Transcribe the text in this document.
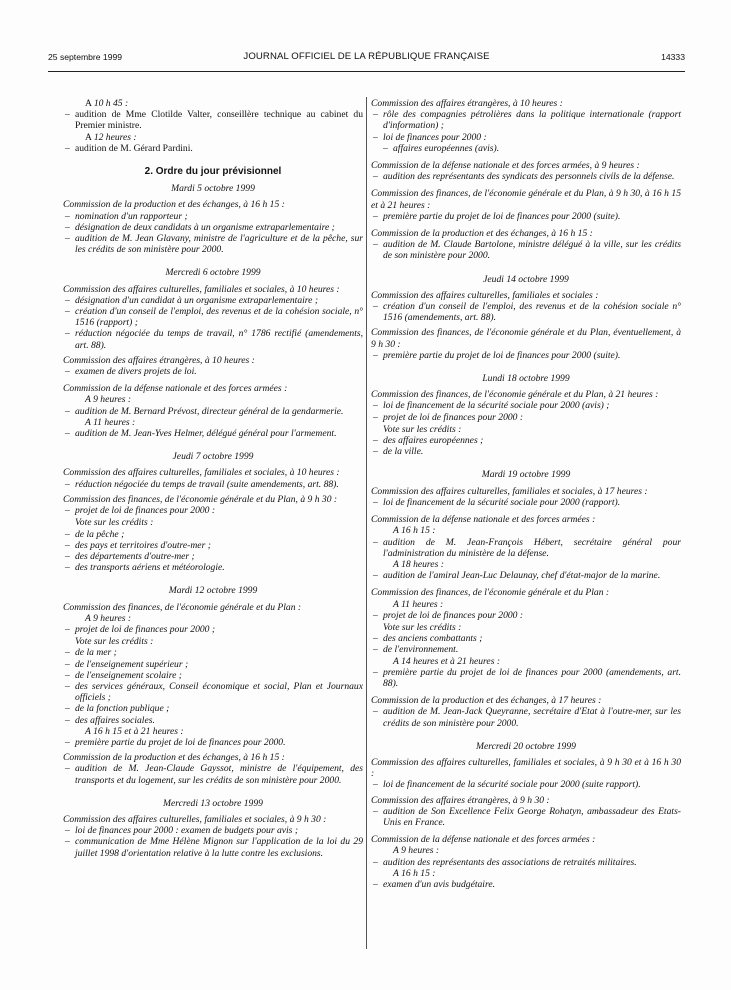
25 septembre 1999	JOURNAL OFFICIEL DE LA RÉPUBLIQUE FRANÇAISE	14333
A 10 h 45 :
– audition de Mme Clotilde Valter, conseillère technique au cabinet du Premier ministre.
A 12 heures :
– audition de M. Gérard Pardini.
2. Ordre du jour prévisionnel
Mardi 5 octobre 1999
Commission de la production et des échanges, à 16 h 15 :
– nomination d'un rapporteur ;
– désignation de deux candidats à un organisme extraparlementaire ;
– audition de M. Jean Glavany, ministre de l'agriculture et de la pêche, sur les crédits de son ministère pour 2000.
Mercredi 6 octobre 1999
Commission des affaires culturelles, familiales et sociales, à 10 heures :
– désignation d'un candidat à un organisme extraparlementaire ;
– création d'un conseil de l'emploi, des revenus et de la cohésion sociale, n° 1516 (rapport) ;
– réduction négociée du temps de travail, n° 1786 rectifié (amendements, art. 88).
Commission des affaires étrangères, à 10 heures :
– examen de divers projets de loi.
Commission de la défense nationale et des forces armées :
A 9 heures :
– audition de M. Bernard Prévost, directeur général de la gendarmerie.
A 11 heures :
– audition de M. Jean-Yves Helmer, délégué général pour l'armement.
Jeudi 7 octobre 1999
Commission des affaires culturelles, familiales et sociales, à 10 heures :
– réduction négociée du temps de travail (suite amendements, art. 88).
Commission des finances, de l'économie générale et du Plan, à 9 h 30 :
– projet de loi de finances pour 2000 :
Vote sur les crédits :
– de la pêche ;
– des pays et territoires d'outre-mer ;
– des départements d'outre-mer ;
– des transports aériens et météorologie.
Mardi 12 octobre 1999
Commission des finances, de l'économie générale et du Plan :
A 9 heures :
– projet de loi de finances pour 2000 ;
Vote sur les crédits :
– de la mer ;
– de l'enseignement supérieur ;
– de l'enseignement scolaire ;
– des services généraux, Conseil économique et social, Plan et Journaux officiels ;
– de la fonction publique ;
– des affaires sociales.
A 16 h 15 et à 21 heures :
– première partie du projet de loi de finances pour 2000.
Commission de la production et des échanges, à 16 h 15 :
– audition de M. Jean-Claude Gayssot, ministre de l'équipement, des transports et du logement, sur les crédits de son ministère pour 2000.
Mercredi 13 octobre 1999
Commission des affaires culturelles, familiales et sociales, à 9 h 30 :
– loi de finances pour 2000 : examen de budgets pour avis ;
– communication de Mme Hélène Mignon sur l'application de la loi du 29 juillet 1998 d'orientation relative à la lutte contre les exclusions.
Commission des affaires étrangères, à 10 heures :
– rôle des compagnies pétrolières dans la politique internationale (rapport d'information) ;
– loi de finances pour 2000 :
– affaires européennes (avis).
Commission de la défense nationale et des forces armées, à 9 heures :
– audition des représentants des syndicats des personnels civils de la défense.
Commission des finances, de l'économie générale et du Plan, à 9 h 30, à 16 h 15 et à 21 heures :
– première partie du projet de loi de finances pour 2000 (suite).
Commission de la production et des échanges, à 16 h 15 :
– audition de M. Claude Bartolone, ministre délégué à la ville, sur les crédits de son ministère pour 2000.
Jeudi 14 octobre 1999
Commission des affaires culturelles, familiales et sociales :
– création d'un conseil de l'emploi, des revenus et de la cohésion sociale n° 1516 (amendements, art. 88).
Commission des finances, de l'économie générale et du Plan, éventuellement, à 9 h 30 :
– première partie du projet de loi de finances pour 2000 (suite).
Lundi 18 octobre 1999
Commission des finances, de l'économie générale et du Plan, à 21 heures :
– loi de financement de la sécurité sociale pour 2000 (avis) ;
– projet de loi de finances pour 2000 :
Vote sur les crédits :
– des affaires européennes ;
– de la ville.
Mardi 19 octobre 1999
Commission des affaires culturelles, familiales et sociales, à 17 heures :
– loi de financement de la sécurité sociale pour 2000 (rapport).
Commission de la défense nationale et des forces armées :
A 16 h 15 :
– audition de M. Jean-François Hébert, secrétaire général pour l'administration du ministère de la défense.
A 18 heures :
– audition de l'amiral Jean-Luc Delaunay, chef d'état-major de la marine.
Commission des finances, de l'économie générale et du Plan :
A 11 heures :
– projet de loi de finances pour 2000 :
Vote sur les crédits :
– des anciens combattants ;
– de l'environnement.
A 14 heures et à 21 heures :
– première partie du projet de loi de finances pour 2000 (amendements, art. 88).
Commission de la production et des échanges, à 17 heures :
– audition de M. Jean-Jack Queyranne, secrétaire d'Etat à l'outre-mer, sur les crédits de son ministère pour 2000.
Mercredi 20 octobre 1999
Commission des affaires culturelles, familiales et sociales, à 9 h 30 et à 16 h 30 :
– loi de financement de la sécurité sociale pour 2000 (suite rapport).
Commission des affaires étrangères, à 9 h 30 :
– audition de Son Excellence Felix George Rohatyn, ambassadeur des Etats-Unis en France.
Commission de la défense nationale et des forces armées :
A 9 heures :
– audition des représentants des associations de retraités militaires.
A 16 h 15 :
– examen d'un avis budgétaire.
